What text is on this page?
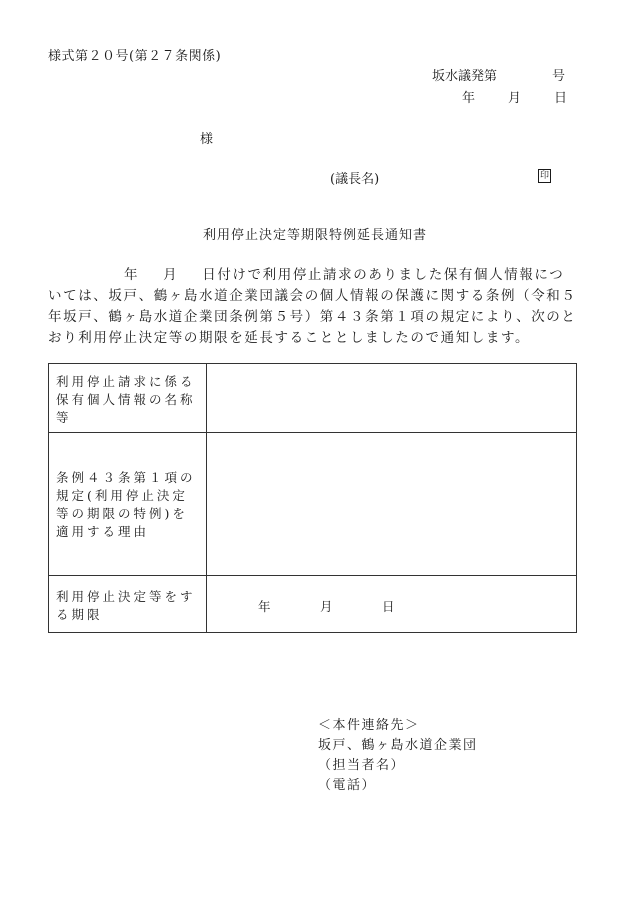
様式第２０号(第２７条関係)
坂水議発第	号
年	月	日
様
(議長名)	印
利用停止決定等期限特例延長通知書
年 月 日付けで利用停止請求のありました保有個人情報につ
いては、坂戸、鶴ヶ島水道企業団議会の個人情報の保護に関する条例（令和５
年坂戸、鶴ヶ島水道企業団条例第５号）第４３条第１項の規定により、次のと
おり利用停止決定等の期限を延長することとしましたので通知します。
利用停止請求に係る保有個人情報の名称等	
条例４３条第１項の規定(利用停止決定等の期限の特例)を適用する理由	
利用停止決定等をする期限	年 月 日
＜本件連絡先＞
坂戸、鶴ヶ島水道企業団
（担当者名）
（電話）
